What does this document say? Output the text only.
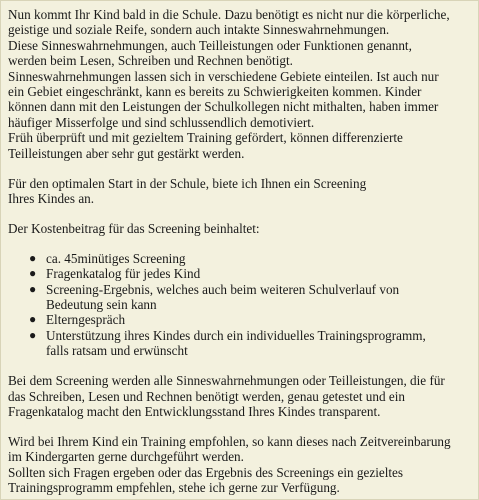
Nun kommt Ihr Kind bald in die Schule. Dazu benötigt es nicht nur die körperliche,
geistige und soziale Reife, sondern auch intakte Sinneswahrnehmungen.
Diese Sinneswahrnehmungen, auch Teilleistungen oder Funktionen genannt,
werden beim Lesen, Schreiben und Rechnen benötigt.
Sinneswahrnehmungen lassen sich in verschiedene Gebiete einteilen. Ist auch nur
ein Gebiet eingeschränkt, kann es bereits zu Schwierigkeiten kommen. Kinder
können dann mit den Leistungen der Schulkollegen nicht mithalten, haben immer
häufiger Misserfolge und sind schlussendlich demotiviert.
Früh überprüft und mit gezieltem Training gefördert, können differenzierte
Teilleistungen aber sehr gut gestärkt werden.

Für den optimalen Start in der Schule, biete ich Ihnen ein Screening
Ihres Kindes an.

Der Kostenbeitrag für das Screening beinhaltet:

● ca. 45minütiges Screening
● Fragenkatalog für jedes Kind
● Screening-Ergebnis, welches auch beim weiteren Schulverlauf von
Bedeutung sein kann
● Elterngespräch
● Unterstützung ihres Kindes durch ein individuelles Trainingsprogramm,
falls ratsam und erwünscht

Bei dem Screening werden alle Sinneswahrnehmungen oder Teilleistungen, die für
das Schreiben, Lesen und Rechnen benötigt werden, genau getestet und ein
Fragenkatalog macht den Entwicklungsstand Ihres Kindes transparent.

Wird bei Ihrem Kind ein Training empfohlen, so kann dieses nach Zeitvereinbarung
im Kindergarten gerne durchgeführt werden.
Sollten sich Fragen ergeben oder das Ergebnis des Screenings ein gezieltes
Trainingsprogramm empfehlen, stehe ich gerne zur Verfügung.
